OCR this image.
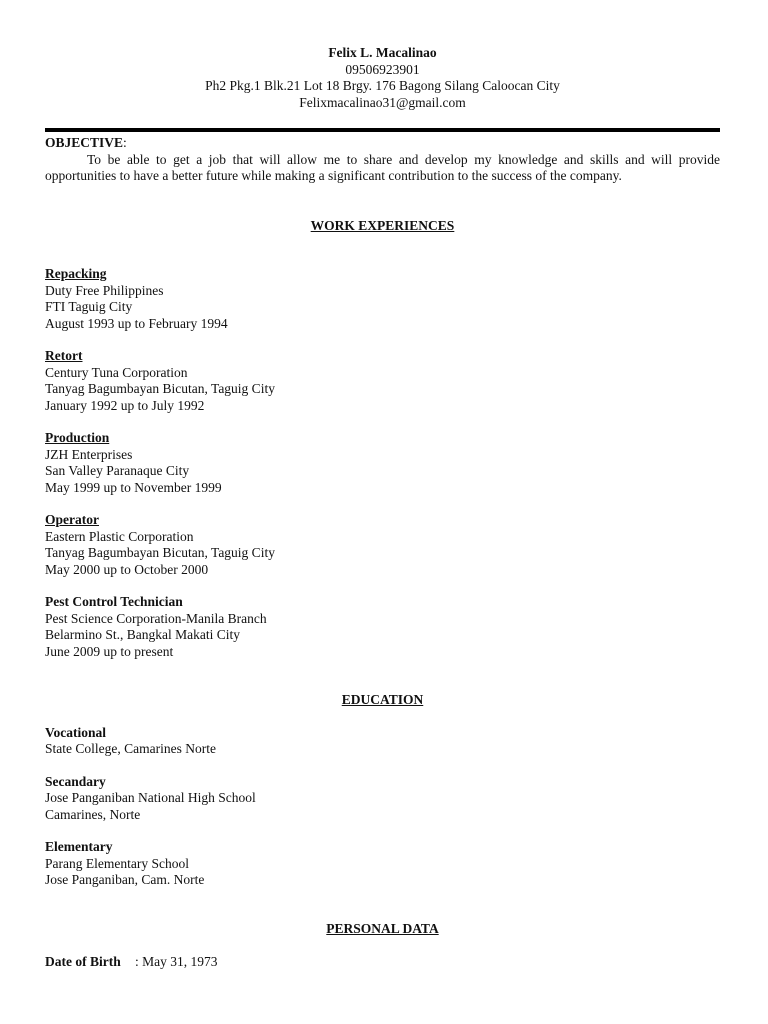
Felix L. Macalinao
09506923901
Ph2 Pkg.1 Blk.21 Lot 18 Brgy. 176 Bagong Silang Caloocan City
Felixmacalinao31@gmail.com
OBJECTIVE:
To be able to get a job that will allow me to share and develop my knowledge and skills and will provide opportunities to have a better future while making a significant contribution to the success of the company.
WORK EXPERIENCES
Repacking
Duty Free Philippines
FTI Taguig City
August 1993 up to February 1994
Retort
Century Tuna Corporation
Tanyag Bagumbayan Bicutan, Taguig City
January 1992 up to July 1992
Production
JZH Enterprises
San Valley Paranaque City
May 1999 up to November 1999
Operator
Eastern Plastic Corporation
Tanyag Bagumbayan Bicutan, Taguig City
May 2000 up to October 2000
Pest Control Technician
Pest Science Corporation-Manila Branch
Belarmino St., Bangkal Makati City
June 2009 up to present
EDUCATION
Vocational
State College, Camarines Norte
Secandary
Jose Panganiban National High School
Camarines, Norte
Elementary
Parang Elementary School
Jose Panganiban, Cam. Norte
PERSONAL DATA
Date of Birth : May 31, 1973
